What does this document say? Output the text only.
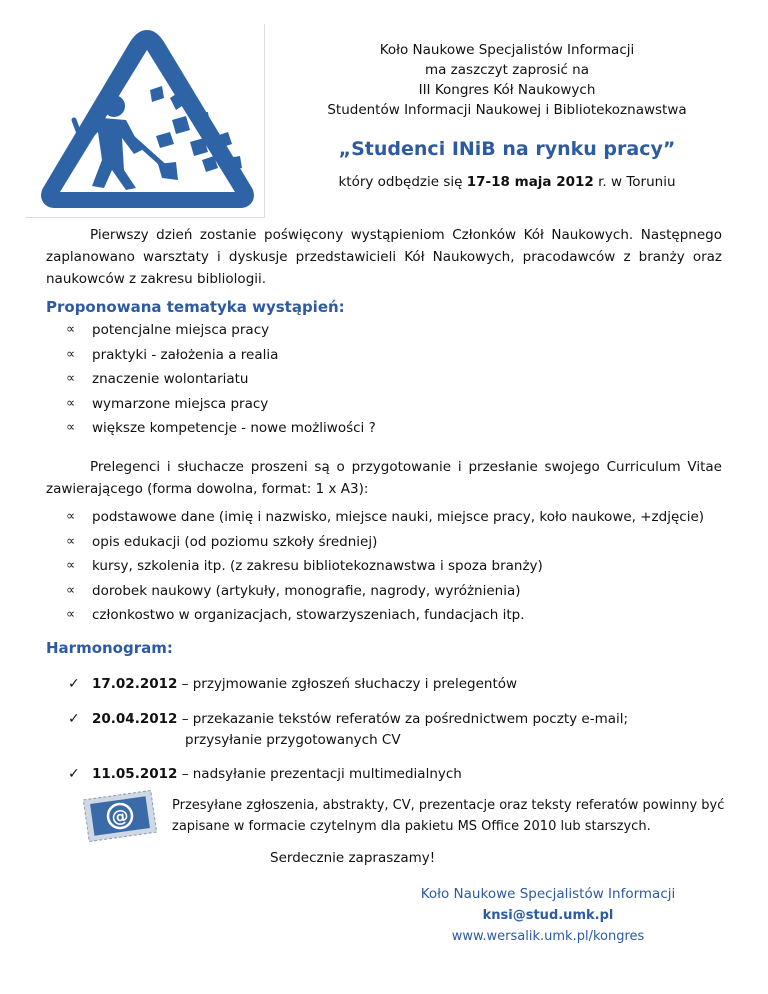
Koło Naukowe Specjalistów Informacji
ma zaszczyt zaprosić na
III Kongres Kół Naukowych
Studentów Informacji Naukowej i Bibliotekoznawstwa
„Studenci INiB na rynku pracy”
który odbędzie się 17-18 maja 2012 r. w Toruniu
Pierwszy dzień zostanie poświęcony wystąpieniom Członków Kół Naukowych. Następnego zaplanowano warsztaty i dyskusje przedstawicieli Kół Naukowych, pracodawców z branży oraz naukowców z zakresu bibliologii.
Proponowana tematyka wystąpień:
∝	potencjalne miejsca pracy
∝	praktyki - założenia a realia
∝	znaczenie wolontariatu
∝	wymarzone miejsca pracy
∝	większe kompetencje - nowe możliwości ?
Prelegenci i słuchacze proszeni są o przygotowanie i przesłanie swojego Curriculum Vitae zawierającego (forma dowolna, format: 1 x A3):
∝	podstawowe dane (imię i nazwisko, miejsce nauki, miejsce pracy, koło naukowe, +zdjęcie)
∝	opis edukacji (od poziomu szkoły średniej)
∝	kursy, szkolenia itp. (z zakresu bibliotekoznawstwa i spoza branży)
∝	dorobek naukowy (artykuły, monografie, nagrody, wyróżnienia)
∝	członkostwo w organizacjach, stowarzyszeniach, fundacjach itp.
Harmonogram:
✓ 17.02.2012 – przyjmowanie zgłoszeń słuchaczy i prelegentów
✓ 20.04.2012 – przekazanie tekstów referatów za pośrednictwem poczty e-mail;
przysyłanie przygotowanych CV
✓ 11.05.2012 – nadsyłanie prezentacji multimedialnych
@
Przesyłane zgłoszenia, abstrakty, CV, prezentacje oraz teksty referatów powinny być zapisane w formacie czytelnym dla pakietu MS Office 2010 lub starszych.
Serdecznie zapraszamy!
Koło Naukowe Specjalistów Informacji
knsi@stud.umk.pl
www.wersalik.umk.pl/kongres
